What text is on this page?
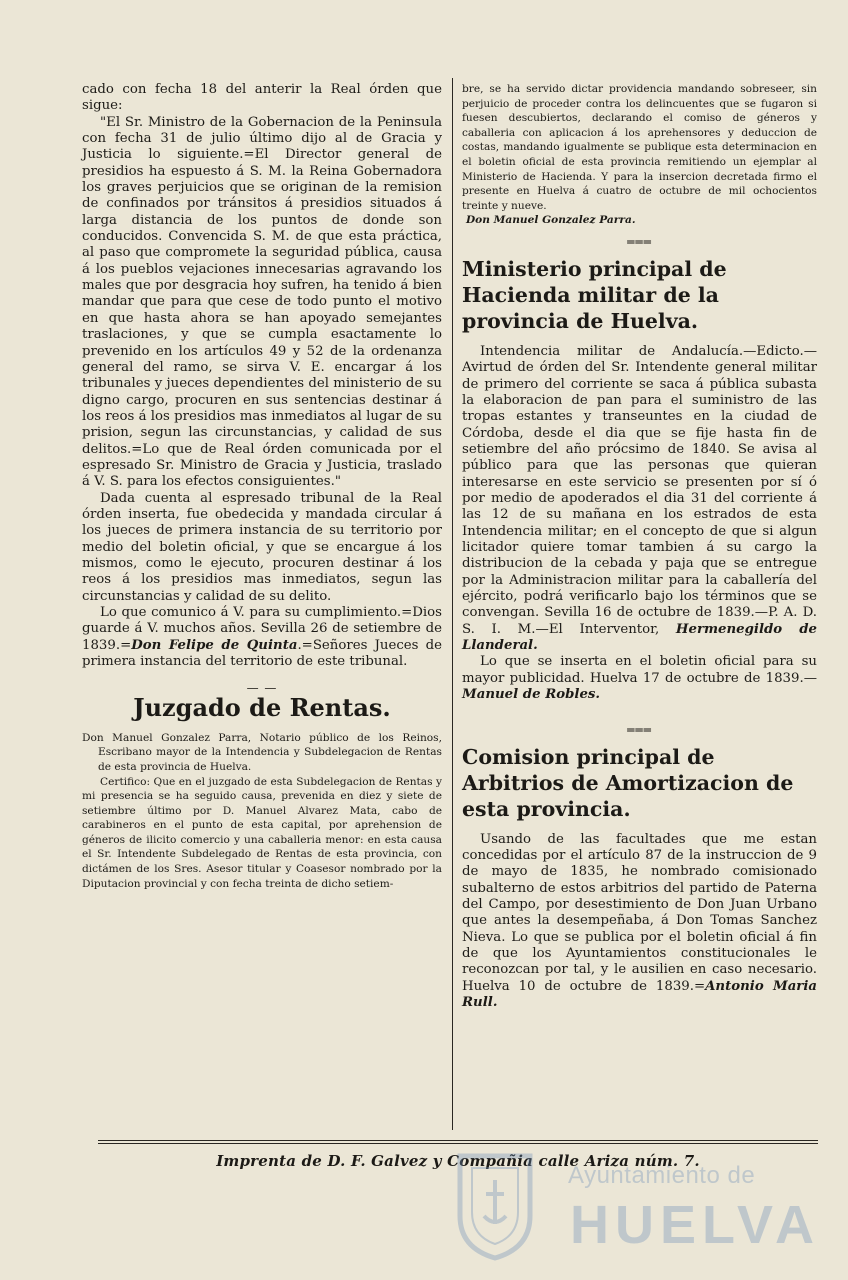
cado con fecha 18 del anterir la Real órden que sigue:

"El Sr. Ministro de la Gobernacion de la Peninsula con fecha 31 de julio último dijo al de Gracia y Justicia lo siguiente.=El Director general de presidios ha espuesto á S. M. la Reina Gobernadora los graves perjuicios que se originan de la remision de confinados por tránsitos á presidios situados á larga distancia de los puntos de donde son conducidos. Convencida S. M. de que esta práctica, al paso que compromete la seguridad pública, causa á los pueblos vejaciones innecesarias agravando los males que por desgracia hoy sufren, ha tenido á bien mandar que para que cese de todo punto el motivo en que hasta ahora se han apoyado semejantes traslaciones, y que se cumpla esactamente lo prevenido en los artículos 49 y 52 de la ordenanza general del ramo, se sirva V. E. encargar á los tribunales y jueces dependientes del ministerio de su digno cargo, procuren en sus sentencias destinar á los reos á los presidios mas inmediatos al lugar de su prision, segun las circunstancias, y calidad de sus delitos.=Lo que de Real órden comunicada por el espresado Sr. Ministro de Gracia y Justicia, traslado á V. S. para los efectos consiguientes."

Dada cuenta al espresado tribunal de la Real órden inserta, fue obedecida y mandada circular á los jueces de primera instancia de su territorio por medio del boletin oficial, y que se encargue á los mismos, como le ejecuto, procuren destinar á los reos á los presidios mas inmediatos, segun las circunstancias y calidad de su delito.

Lo que comunico á V. para su cumplimiento.=Dios guarde á V. muchos años. Sevilla 26 de setiembre de 1839.=Don Felipe de Quinta.=Señores Jueces de primera instancia del territorio de este tribunal.

— —

Juzgado de Rentas.

Don Manuel Gonzalez Parra, Notario público de los Reinos, Escribano mayor de la Intendencia y Subdelegacion de Rentas de esta provincia de Huelva.

Certifico: Que en el juzgado de esta Subdelegacion de Rentas y mi presencia se ha seguido causa, prevenida en diez y siete de setiembre último por D. Manuel Alvarez Mata, cabo de carabineros en el punto de esta capital, por aprehension de géneros de ilicito comercio y una caballeria menor: en esta causa el Sr. Intendente Subdelegado de Rentas de esta provincia, con dictámen de los Sres. Asesor titular y Coasesor nombrado por la Diputacion provincial y con fecha treinta de dicho setiem-

bre, se ha servido dictar providencia mandando sobreseer, sin perjuicio de proceder contra los delincuentes que se fugaron si fuesen descubiertos, declarando el comiso de géneros y caballeria con aplicacion á los aprehensores y deduccion de costas, mandando igualmente se publique esta determinacion en el boletin oficial de esta provincia remitiendo un ejemplar al Ministerio de Hacienda. Y para la insercion decretada firmo el presente en Huelva á cuatro de octubre de mil ochocientos treinte y nueve.

Don Manuel Gonzalez Parra.

═══

Ministerio principal de Hacienda militar de la provincia de Huelva.

Intendencia militar de Andalucía.—Edicto.—Avirtud de órden del Sr. Intendente general militar de primero del corriente se saca á pública subasta la elaboracion de pan para el suministro de las tropas estantes y transeuntes en la ciudad de Córdoba, desde el dia que se fije hasta fin de setiembre del año prócsimo de 1840. Se avisa al público para que las personas que quieran interesarse en este servicio se presenten por sí ó por medio de apoderados el dia 31 del corriente á las 12 de su mañana en los estrados de esta Intendencia militar; en el concepto de que si algun licitador quiere tomar tambien á su cargo la distribucion de la cebada y paja que se entregue por la Administracion militar para la caballería del ejército, podrá verificarlo bajo los términos que se convengan. Sevilla 16 de octubre de 1839.—P. A. D. S. I. M.—El Interventor, Hermenegildo de Llanderal.

Lo que se inserta en el boletin oficial para su mayor publicidad. Huelva 17 de octubre de 1839.—Manuel de Robles.

═══

Comision principal de Arbitrios de Amortizacion de esta provincia.

Usando de las facultades que me estan concedidas por el artículo 87 de la instruccion de 9 de mayo de 1835, he nombrado comisionado subalterno de estos arbitrios del partido de Paterna del Campo, por desestimiento de Don Juan Urbano que antes la desempeñaba, á Don Tomas Sanchez Nieva. Lo que se publica por el boletin oficial á fin de que los Ayuntamientos constitucionales le reconozcan por tal, y le ausilien en caso necesario. Huelva 10 de octubre de 1839.=Antonio Maria Rull.

Imprenta de D. F. Galvez y Compañia calle Ariza núm. 7.
Ayuntamiento de
HUELVA
